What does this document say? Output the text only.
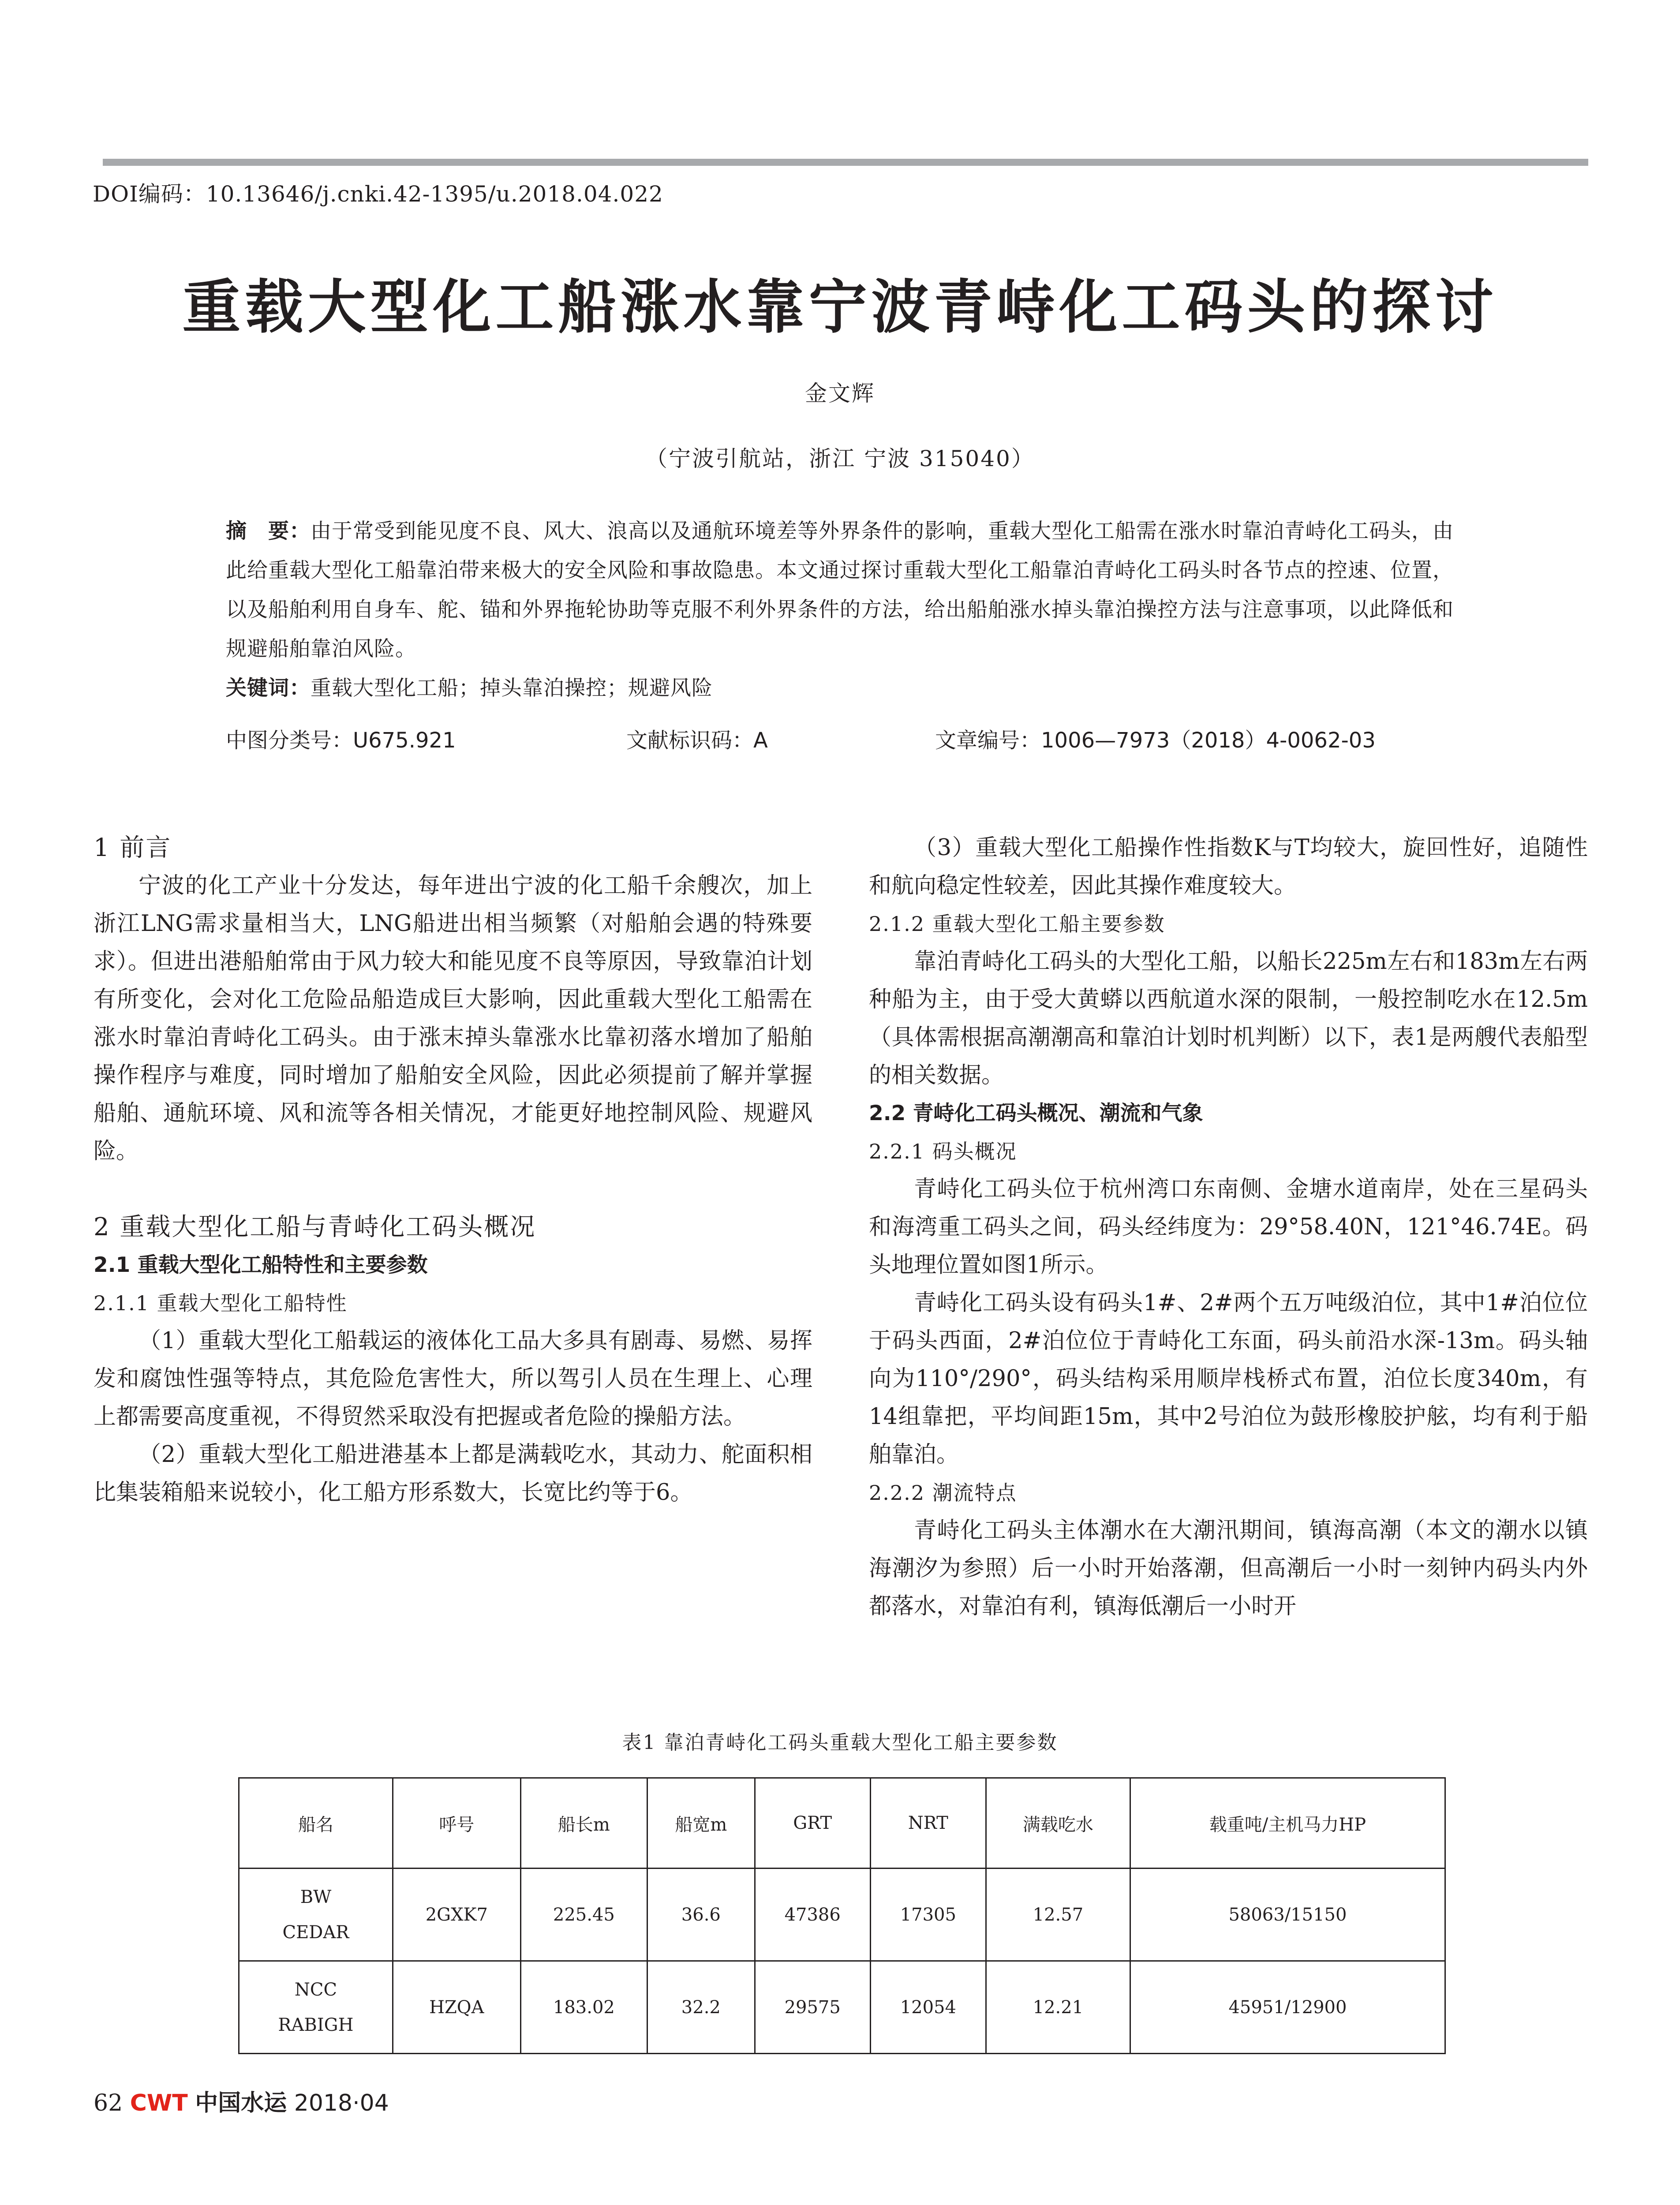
DOI编码：10.13646/j.cnki.42-1395/u.2018.04.022
重载大型化工船涨水靠宁波青峙化工码头的探讨
金文辉
（宁波引航站，浙江 宁波 315040）
摘　要：由于常受到能见度不良、风大、浪高以及通航环境差等外界条件的影响，重载大型化工船需在涨水时靠泊青峙化工码头，由此给重载大型化工船靠泊带来极大的安全风险和事故隐患。本文通过探讨重载大型化工船靠泊青峙化工码头时各节点的控速、位置，以及船舶利用自身车、舵、锚和外界拖轮协助等克服不利外界条件的方法，给出船舶涨水掉头靠泊操控方法与注意事项，以此降低和规避船舶靠泊风险。
关键词：重载大型化工船；掉头靠泊操控；规避风险
中图分类号：U675.921	文献标识码：A	文章编号：1006—7973（2018）4-0062-03
1 前言

宁波的化工产业十分发达，每年进出宁波的化工船千余艘次，加上浙江LNG需求量相当大，LNG船进出相当频繁（对船舶会遇的特殊要求）。但进出港船舶常由于风力较大和能见度不良等原因，导致靠泊计划有所变化，会对化工危险品船造成巨大影响，因此重载大型化工船需在涨水时靠泊青峙化工码头。由于涨末掉头靠涨水比靠初落水增加了船舶操作程序与难度，同时增加了船舶安全风险，因此必须提前了解并掌握船舶、通航环境、风和流等各相关情况，才能更好地控制风险、规避风险。

2 重载大型化工船与青峙化工码头概况
2.1 重载大型化工船特性和主要参数
2.1.1 重载大型化工船特性

（1）重载大型化工船载运的液体化工品大多具有剧毒、易燃、易挥发和腐蚀性强等特点，其危险危害性大，所以驾引人员在生理上、心理上都需要高度重视，不得贸然采取没有把握或者危险的操船方法。

（2）重载大型化工船进港基本上都是满载吃水，其动力、舵面积相比集装箱船来说较小，化工船方形系数大，长宽比约等于6。

（3）重载大型化工船操作性指数K与T均较大，旋回性好，追随性和航向稳定性较差，因此其操作难度较大。

2.1.2 重载大型化工船主要参数

靠泊青峙化工码头的大型化工船，以船长225m左右和183m左右两种船为主，由于受大黄蟒以西航道水深的限制，一般控制吃水在12.5m（具体需根据高潮潮高和靠泊计划时机判断）以下，表1是两艘代表船型的相关数据。

2.2 青峙化工码头概况、潮流和气象
2.2.1 码头概况

青峙化工码头位于杭州湾口东南侧、金塘水道南岸，处在三星码头和海湾重工码头之间，码头经纬度为：29°58.40N，121°46.74E。码头地理位置如图1所示。

青峙化工码头设有码头1#、2#两个五万吨级泊位，其中1#泊位位于码头西面，2#泊位位于青峙化工东面，码头前沿水深-13m。码头轴向为110°/290°，码头结构采用顺岸栈桥式布置，泊位长度340m，有14组靠把，平均间距15m，其中2号泊位为鼓形橡胶护舷，均有利于船舶靠泊。

2.2.2 潮流特点

青峙化工码头主体潮水在大潮汛期间，镇海高潮（本文的潮水以镇海潮汐为参照）后一小时开始落潮，但高潮后一小时一刻钟内码头内外都落水，对靠泊有利，镇海低潮后一小时开

表1 靠泊青峙化工码头重载大型化工船主要参数
船名	呼号	船长m	船宽m	GRT	NRT	满载吃水	载重吨/主机马力HP

BW
CEDAR	2GXK7	225.45	36.6	47386	17305	12.57	58063/15150

NCC
RABIGH	HZQA	183.02	32.2	29575	12054	12.21	45951/12900
62 CWT 中国水运 2018·04
